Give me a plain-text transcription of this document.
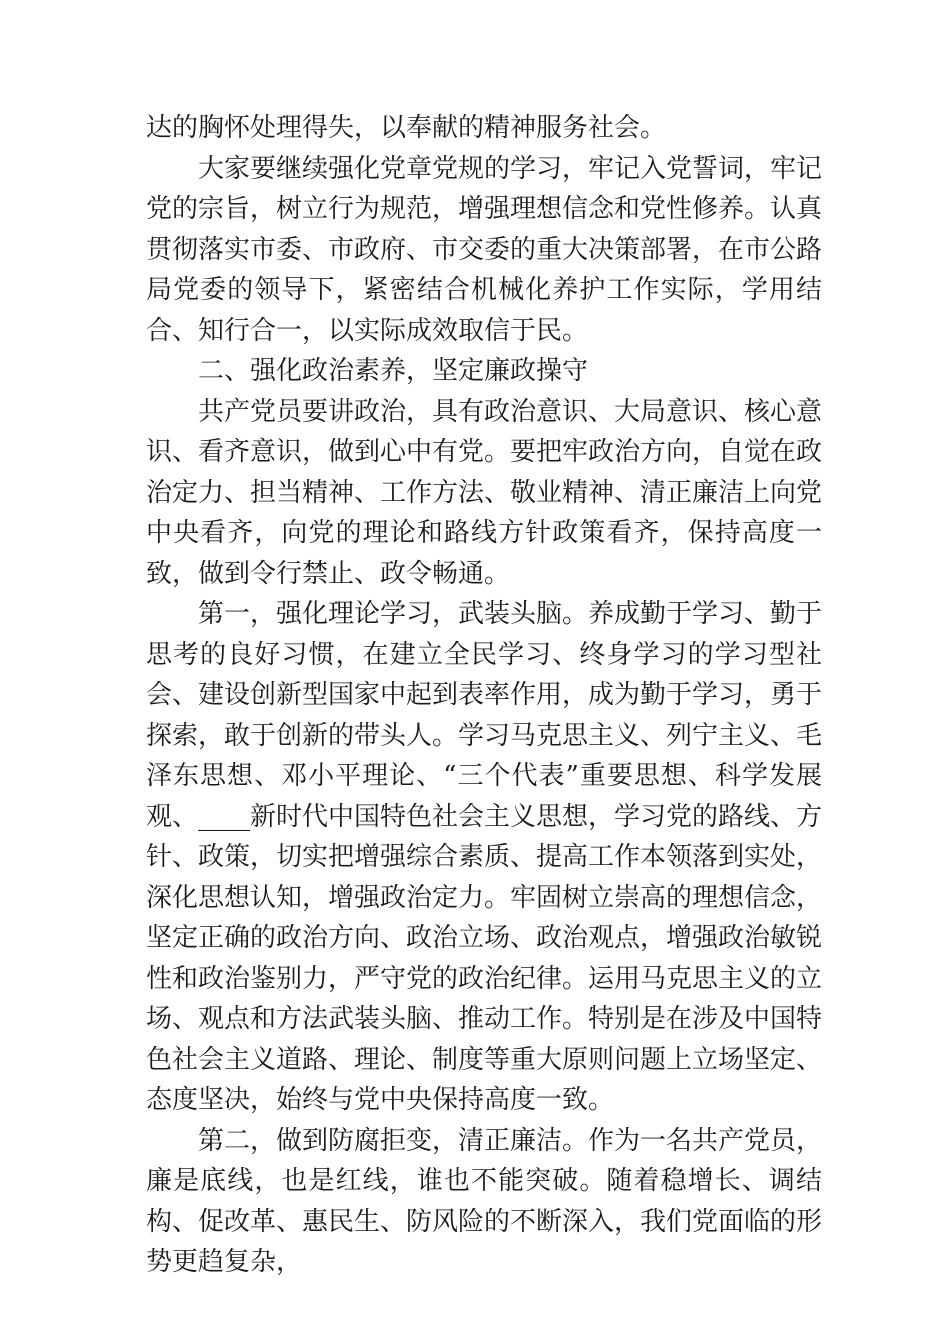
达的胸怀处理得失，以奉献的精神服务社会。

大家要继续强化党章党规的学习，牢记入党誓词，牢记党的宗旨，树立行为规范，增强理想信念和党性修养。认真贯彻落实市委、市政府、市交委的重大决策部署，在市公路局党委的领导下，紧密结合机械化养护工作实际，学用结合、知行合一，以实际成效取信于民。

二、强化政治素养，坚定廉政操守

共产党员要讲政治，具有政治意识、大局意识、核心意识、看齐意识，做到心中有党。要把牢政治方向，自觉在政治定力、担当精神、工作方法、敬业精神、清正廉洁上向党中央看齐，向党的理论和路线方针政策看齐，保持高度一致，做到令行禁止、政令畅通。

第一，强化理论学习，武装头脑。养成勤于学习、勤于思考的良好习惯，在建立全民学习、终身学习的学习型社会、建设创新型国家中起到表率作用，成为勤于学习，勇于探索，敢于创新的带头人。学习马克思主义、列宁主义、毛泽东思想、邓小平理论、“三个代表”重要思想、科学发展观、____新时代中国特色社会主义思想，学习党的路线、方针、政策，切实把增强综合素质、提高工作本领落到实处，深化思想认知，增强政治定力。牢固树立崇高的理想信念，坚定正确的政治方向、政治立场、政治观点，增强政治敏锐性和政治鉴别力，严守党的政治纪律。运用马克思主义的立场、观点和方法武装头脑、推动工作。特别是在涉及中国特色社会主义道路、理论、制度等重大原则问题上立场坚定、态度坚决，始终与党中央保持高度一致。

第二，做到防腐拒变，清正廉洁。作为一名共产党员，廉是底线，也是红线，谁也不能突破。随着稳增长、调结构、促改革、惠民生、防风险的不断深入，我们党面临的形势更趋复杂，
